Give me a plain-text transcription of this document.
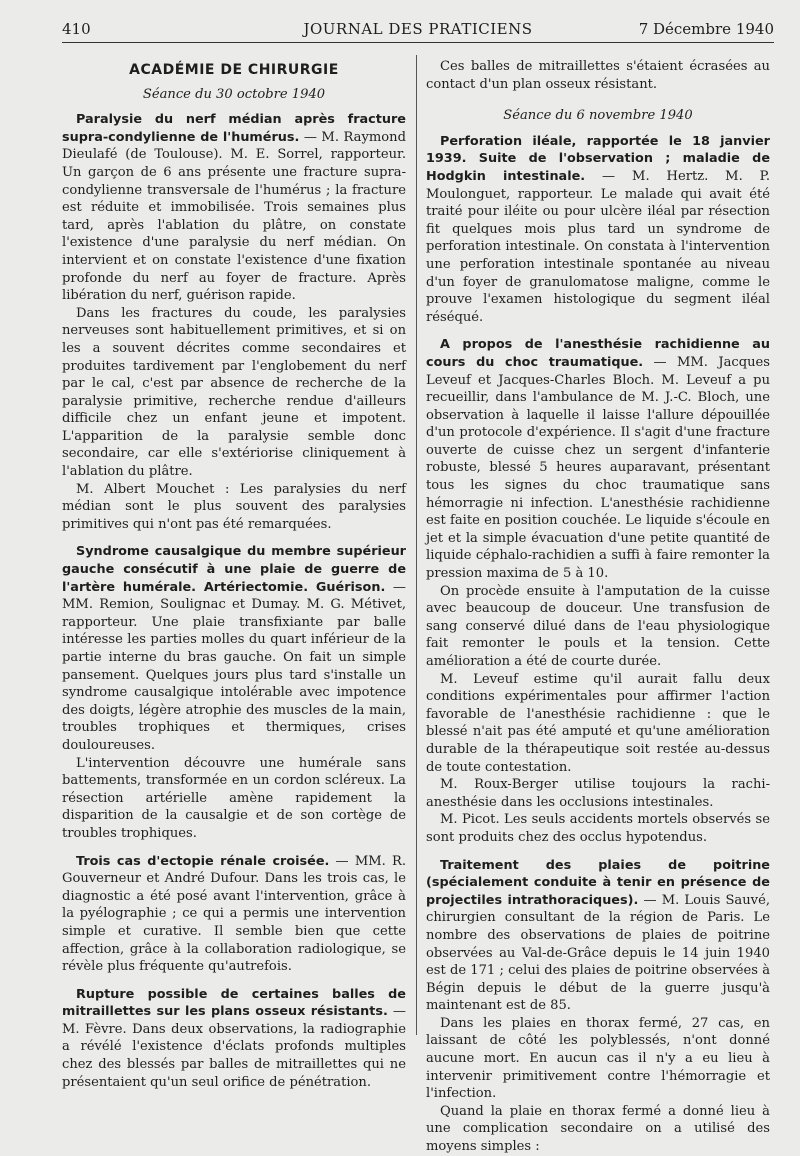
410	JOURNAL DES PRATICIENS	7 Décembre 1940
ACADÉMIE DE CHIRURGIE
Séance du 30 octobre 1940

Paralysie du nerf médian après fracture supra-condylienne de l'humérus. — M. Raymond Dieulafé (de Toulouse). M. E. Sorrel, rapporteur. Un garçon de 6 ans présente une fracture supra-condylienne transversale de l'humérus ; la fracture est réduite et immobilisée. Trois semaines plus tard, après l'ablation du plâtre, on constate l'existence d'une paralysie du nerf médian. On intervient et on constate l'existence d'une fixation profonde du nerf au foyer de fracture. Après libération du nerf, guérison rapide.

Dans les fractures du coude, les paralysies nerveuses sont habituellement primitives, et si on les a souvent décrites comme secondaires et produites tardivement par l'englobement du nerf par le cal, c'est par absence de recherche de la paralysie primitive, recherche rendue d'ailleurs difficile chez un enfant jeune et impotent. L'apparition de la paralysie semble donc secondaire, car elle s'extériorise cliniquement à l'ablation du plâtre.

M. Albert Mouchet : Les paralysies du nerf médian sont le plus souvent des paralysies primitives qui n'ont pas été remarquées.

Syndrome causalgique du membre supérieur gauche consécutif à une plaie de guerre de l'artère humérale. Artériectomie. Guérison. — MM. Remion, Soulignac et Dumay. M. G. Métivet, rapporteur. Une plaie transfixiante par balle intéresse les parties molles du quart inférieur de la partie interne du bras gauche. On fait un simple pansement. Quelques jours plus tard s'installe un syndrome causalgique intolérable avec impotence des doigts, légère atrophie des muscles de la main, troubles trophiques et thermiques, crises douloureuses.

L'intervention découvre une humérale sans battements, transformée en un cordon scléreux. La résection artérielle amène rapidement la disparition de la causalgie et de son cortège de troubles trophiques.

Trois cas d'ectopie rénale croisée. — MM. R. Gouverneur et André Dufour. Dans les trois cas, le diagnostic a été posé avant l'intervention, grâce à la pyélographie ; ce qui a permis une intervention simple et curative. Il semble bien que cette affection, grâce à la collaboration radiologique, se révèle plus fréquente qu'autrefois.

Rupture possible de certaines balles de mitraillettes sur les plans osseux résistants. — M. Fèvre. Dans deux observations, la radiographie a révélé l'existence d'éclats profonds multiples chez des blessés par balles de mitraillettes qui ne présentaient qu'un seul orifice de pénétration.

Ces balles de mitraillettes s'étaient écrasées au contact d'un plan osseux résistant.

Séance du 6 novembre 1940

Perforation iléale, rapportée le 18 janvier 1939. Suite de l'observation ; maladie de Hodgkin intestinale. — M. Hertz. M. P. Moulonguet, rapporteur. Le malade qui avait été traité pour iléite ou pour ulcère iléal par résection fit quelques mois plus tard un syndrome de perforation intestinale. On constata à l'intervention une perforation intestinale spontanée au niveau d'un foyer de granulomatose maligne, comme le prouve l'examen histologique du segment iléal réséqué.

A propos de l'anesthésie rachidienne au cours du choc traumatique. — MM. Jacques Leveuf et Jacques-Charles Bloch. M. Leveuf a pu recueillir, dans l'ambulance de M. J.-C. Bloch, une observation à laquelle il laisse l'allure dépouillée d'un protocole d'expérience. Il s'agit d'une fracture ouverte de cuisse chez un sergent d'infanterie robuste, blessé 5 heures auparavant, présentant tous les signes du choc traumatique sans hémorragie ni infection. L'anesthésie rachidienne est faite en position couchée. Le liquide s'écoule en jet et la simple évacuation d'une petite quantité de liquide céphalo-rachidien a suffi à faire remonter la pression maxima de 5 à 10.

On procède ensuite à l'amputation de la cuisse avec beaucoup de douceur. Une transfusion de sang conservé dilué dans de l'eau physiologique fait remonter le pouls et la tension. Cette amélioration a été de courte durée.

M. Leveuf estime qu'il aurait fallu deux conditions expérimentales pour affirmer l'action favorable de l'anesthésie rachidienne : que le blessé n'ait pas été amputé et qu'une amélioration durable de la thérapeutique soit restée au-dessus de toute contestation.

M. Roux-Berger utilise toujours la rachi-anesthésie dans les occlusions intestinales.

M. Picot. Les seuls accidents mortels observés se sont produits chez des occlus hypotendus.

Traitement des plaies de poitrine (spécialement conduite à tenir en présence de projectiles intrathoraciques). — M. Louis Sauvé, chirurgien consultant de la région de Paris. Le nombre des observations de plaies de poitrine observées au Val-de-Grâce depuis le 14 juin 1940 est de 171 ; celui des plaies de poitrine observées à Bégin depuis le début de la guerre jusqu'à maintenant est de 85.

Dans les plaies en thorax fermé, 27 cas, en laissant de côté les polyblessés, n'ont donné aucune mort. En aucun cas il n'y a eu lieu à intervenir primitivement contre l'hémorragie et l'infection.

Quand la plaie en thorax fermé a donné lieu à une complication secondaire on a utilisé des moyens simples :
